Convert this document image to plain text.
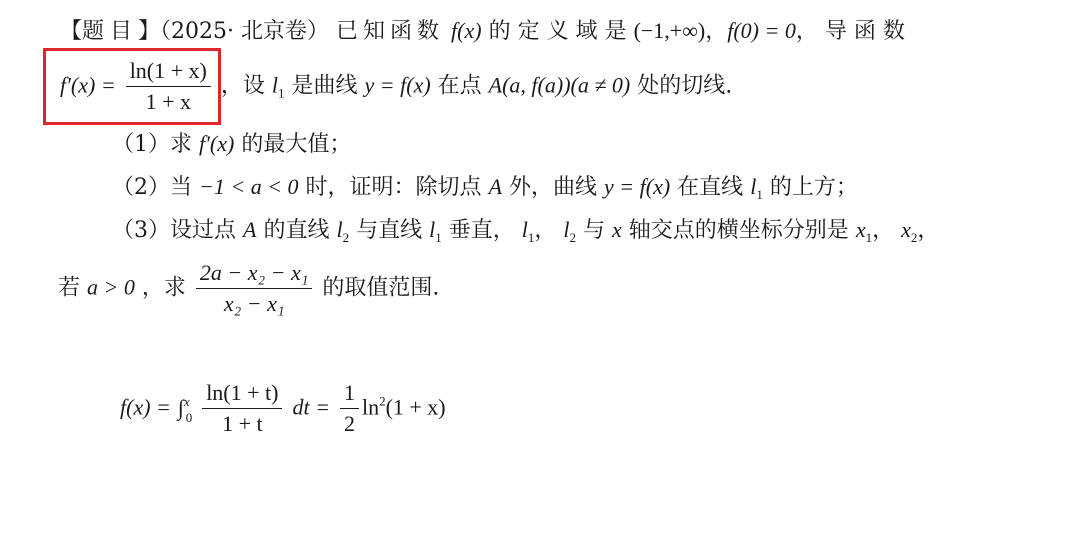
【题目】（2025· 北京卷） 已知函数 f(x) 的 定 义 域 是 (−1,+∞)，f(0) = 0， 导 函 数
$f'(x) = \frac{\ln(1 + x)}{1 + x}$ ，设 $l_1$ 是曲线 y = f(x) 在点 A(a, f(a))(a ≠ 0) 处的切线.
（1）求 f′(x) 的最大值；
（2）当 −1 < a < 0 时，证明：除切点 A 外，曲线 y = f(x) 在直线 $l_1$ 的上方；
（3）设过点 A 的直线 $l_2$ 与直线 $l_1$ 垂直， $l_1$， $l_2$ 与 x 轴交点的横坐标分别是 $x_1$， $x_2$，
若 a > 0 ，求 $\frac{\text{2a − x₂ − x₁}}{\text{x₂ − x₁}}$ 的取值范围.
$f(x) = \int^x_0 \frac{\ln(1 + t)}{1 + t}$ dt = $\frac{1}{2} \ln^2(1 + x)$
